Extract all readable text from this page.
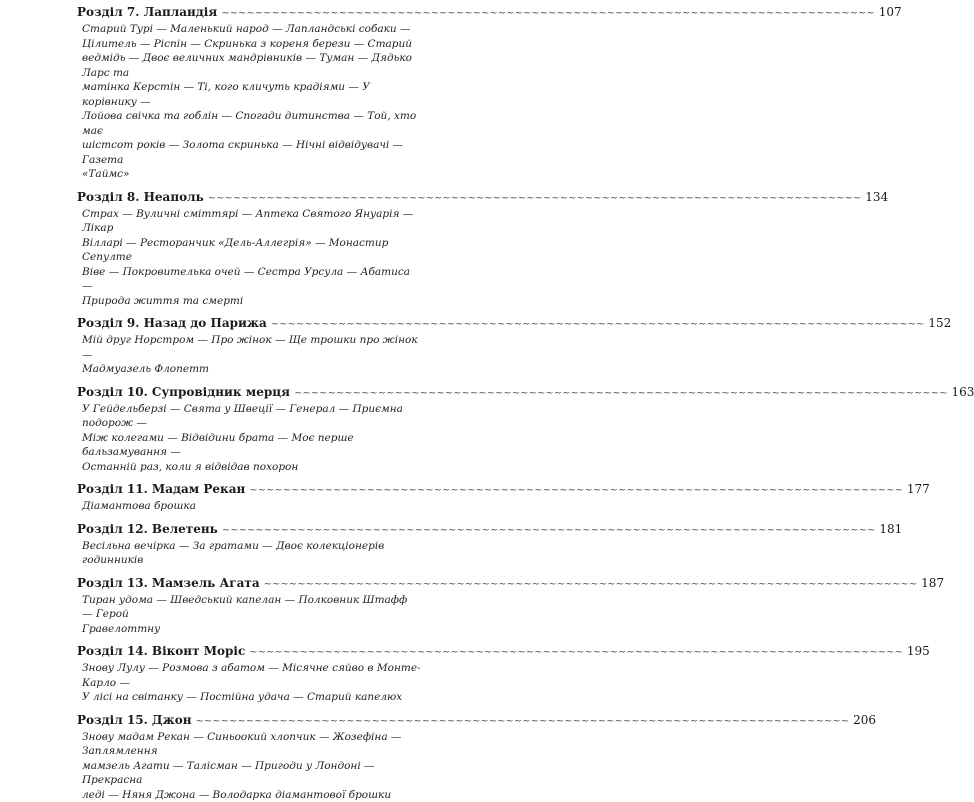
Розділ 7. Лапландія ~~~~~~~~~~~~~~~~~~~~~~~~~~~~~~~~~~~~~~~~~~~~~~~~~~~~~~~~~~~~~~~~~~~~~~~~~~~~~~ 107
Старий Турі — Маленький народ — Лапландські собаки —
Цілитель — Ріспін — Скринька з кореня берези — Старий
ведмідь — Двоє величних мандрівників — Туман — Дядько Ларс та
матінка Керстін — Ті, кого кличуть крадіями — У корівнику —
Лойова свічка та гоблін — Спогади дитинства — Той, хто має
шістсот років — Золота скринька — Нічні відвідувачі — Газета
«Таймс»
Розділ 8. Неаполь ~~~~~~~~~~~~~~~~~~~~~~~~~~~~~~~~~~~~~~~~~~~~~~~~~~~~~~~~~~~~~~~~~~~~~~~~~~~~~~ 134
Страх — Вуличні сміттярі — Аптека Святого Януарія — Лікар
Вілларі — Ресторанчик «Дель-Аллегрія» — Монастир Сепулте
Віве — Покровителька очей — Сестра Урсула — Абатиса —
Природа життя та смерті
Розділ 9. Назад до Парижа ~~~~~~~~~~~~~~~~~~~~~~~~~~~~~~~~~~~~~~~~~~~~~~~~~~~~~~~~~~~~~~~~~~~~~~~~~~~~~~ 152
Мій друг Норстром — Про жінок — Ще трошки про жінок —
Мадмуазель Флопетт
Розділ 10. Супровідник мерця ~~~~~~~~~~~~~~~~~~~~~~~~~~~~~~~~~~~~~~~~~~~~~~~~~~~~~~~~~~~~~~~~~~~~~~~~~~~~~~ 163
У Гейдельберзі — Свята у Швеції — Генерал — Приємна подорож —
Між колегами — Відвідини брата — Моє перше бальзамування —
Останній раз, коли я відвідав похорон
Розділ 11. Мадам Рекан ~~~~~~~~~~~~~~~~~~~~~~~~~~~~~~~~~~~~~~~~~~~~~~~~~~~~~~~~~~~~~~~~~~~~~~~~~~~~~~ 177
Діамантова брошка
Розділ 12. Велетень ~~~~~~~~~~~~~~~~~~~~~~~~~~~~~~~~~~~~~~~~~~~~~~~~~~~~~~~~~~~~~~~~~~~~~~~~~~~~~~ 181
Весільна вечірка — За гратами — Двоє колекціонерів годинників
Розділ 13. Мамзель Агата ~~~~~~~~~~~~~~~~~~~~~~~~~~~~~~~~~~~~~~~~~~~~~~~~~~~~~~~~~~~~~~~~~~~~~~~~~~~~~~ 187
Тиран удома — Шведський капелан — Полковник Штафф — Герой
Гравелоттну
Розділ 14. Віконт Моріс ~~~~~~~~~~~~~~~~~~~~~~~~~~~~~~~~~~~~~~~~~~~~~~~~~~~~~~~~~~~~~~~~~~~~~~~~~~~~~~ 195
Знову Лулу — Розмова з абатом — Місячне сяйво в Монте-Карло —
У лісі на світанку — Постійна удача — Старий капелюх
Розділ 15. Джон ~~~~~~~~~~~~~~~~~~~~~~~~~~~~~~~~~~~~~~~~~~~~~~~~~~~~~~~~~~~~~~~~~~~~~~~~~~~~~~ 206
Знову мадам Рекан — Синьоокий хлопчик — Жозефіна — Заплямлення
мамзель Агати — Талісман — Пригоди у Лондоні — Прекрасна
леді — Няня Джона — Володарка діамантової брошки
